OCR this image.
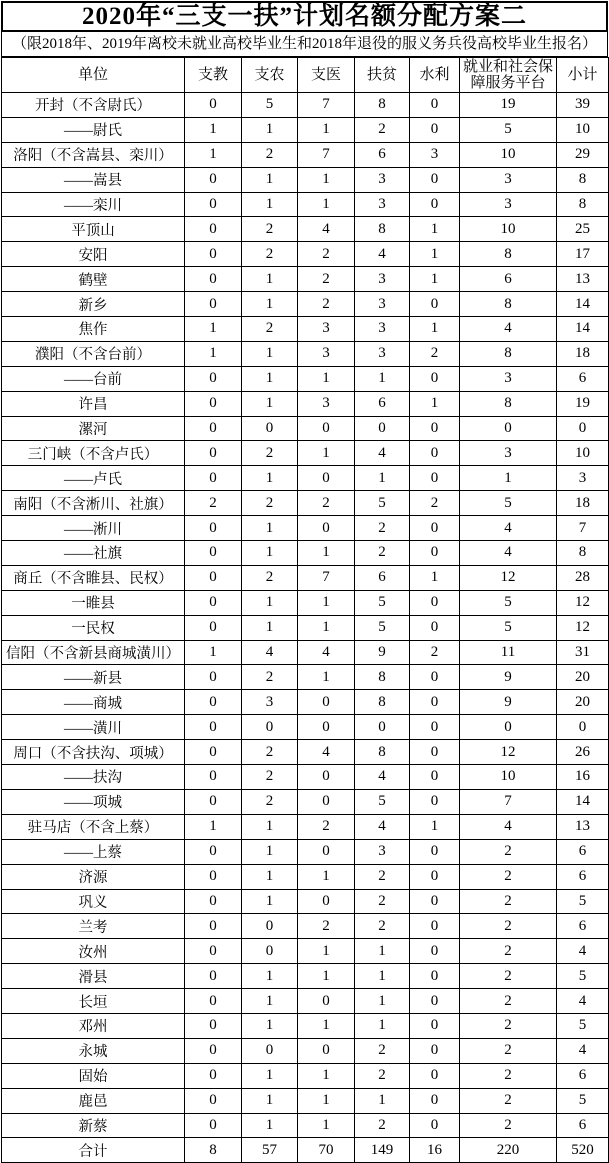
2020年“三支一扶”计划名额分配方案二
（限2018年、2019年离校未就业高校毕业生和2018年退役的服义务兵役高校毕业生报名）
单位	支教	支农	支医	扶贫	水利	就业和社会保障服务平台	小计
开封（不含尉氏）	0	5	7	8	0	19	39
——尉氏	1	1	1	2	0	5	10
洛阳（不含嵩县、栾川）	1	2	7	6	3	10	29
——嵩县	0	1	1	3	0	3	8
——栾川	0	1	1	3	0	3	8
平顶山	0	2	4	8	1	10	25
安阳	0	2	2	4	1	8	17
鹤壁	0	1	2	3	1	6	13
新乡	0	1	2	3	0	8	14
焦作	1	2	3	3	1	4	14
濮阳（不含台前）	1	1	3	3	2	8	18
——台前	0	1	1	1	0	3	6
许昌	0	1	3	6	1	8	19
漯河	0	0	0	0	0	0	0
三门峡（不含卢氏）	0	2	1	4	0	3	10
——卢氏	0	1	0	1	0	1	3
南阳（不含淅川、社旗）	2	2	2	5	2	5	18
——淅川	0	1	0	2	0	4	7
——社旗	0	1	1	2	0	4	8
商丘（不含睢县、民权）	0	2	7	6	1	12	28
一睢县	0	1	1	5	0	5	12
一民权	0	1	1	5	0	5	12
信阳（不含新县商城潢川）	1	4	4	9	2	11	31
——新县	0	2	1	8	0	9	20
——商城	0	3	0	8	0	9	20
——潢川	0	0	0	0	0	0	0
周口（不含扶沟、项城）	0	2	4	8	0	12	26
——扶沟	0	2	0	4	0	10	16
——项城	0	2	0	5	0	7	14
驻马店（不含上蔡）	1	1	2	4	1	4	13
——上蔡	0	1	0	3	0	2	6
济源	0	1	1	2	0	2	6
巩义	0	1	0	2	0	2	5
兰考	0	0	2	2	0	2	6
汝州	0	0	1	1	0	2	4
滑县	0	1	1	1	0	2	5
长垣	0	1	0	1	0	2	4
邓州	0	1	1	1	0	2	5
永城	0	0	0	2	0	2	4
固始	0	1	1	2	0	2	6
鹿邑	0	1	1	1	0	2	5
新蔡	0	1	1	2	0	2	6
合计	8	57	70	149	16	220	520
